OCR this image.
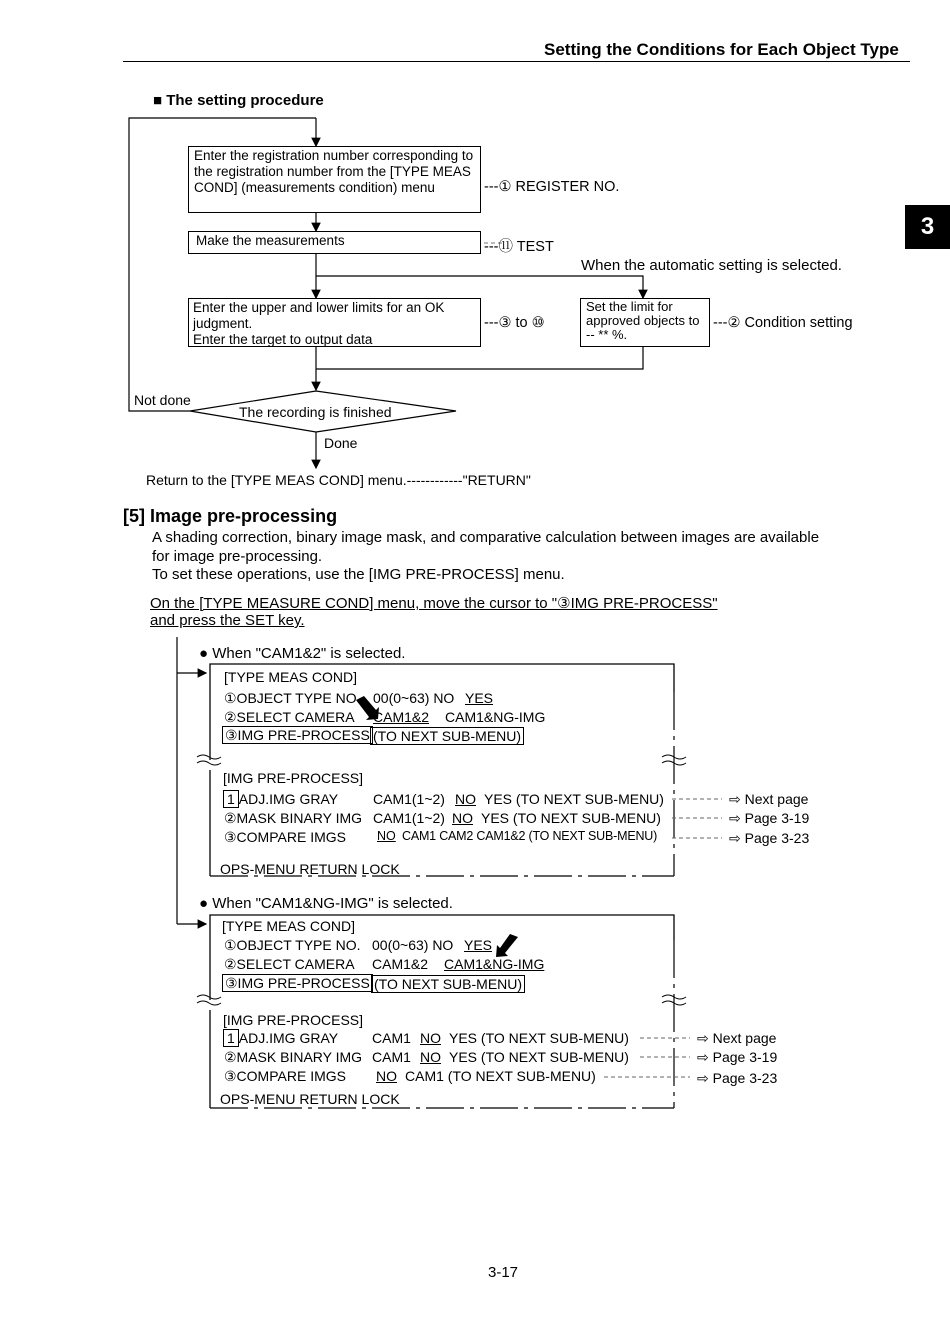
Setting the Conditions for Each Object Type
3
■ The setting procedure
Enter the registration number corresponding to the registration number from the [TYPE MEAS COND] (measurements condition) menu	---① REGISTER NO.
Make the measurements	---⑪ TEST
When the automatic setting is selected.
Enter the upper and lower limits for an OK judgment.
Enter the target to output data
---③ to ⑩
Set the limit for approved objects to -- ** %.
---② Condition setting
Not done
The recording is finished
Done
Return to the [TYPE MEAS COND] menu.------------"RETURN"
[5] Image pre-processing
A shading correction, binary image mask, and comparative calculation between images are available
for image pre-processing.
To set these operations, use the [IMG PRE-PROCESS] menu.
On the [TYPE MEASURE COND] menu, move the cursor to "③IMG PRE-PROCESS"
and press the SET key.
● When "CAM1&2" is selected.
[TYPE MEAS COND]
①OBJECT TYPE NO. 00(0~63) NO YES
②SELECT CAMERA CAM1&2 CAM1&NG-IMG
③IMG PRE-PROCESS (TO NEXT SUB-MENU)
[IMG PRE-PROCESS]
1 ADJ.IMG GRAY CAM1(1~2) NO YES (TO NEXT SUB-MENU)
②MASK BINARY IMG CAM1(1~2) NO YES (TO NEXT SUB-MENU)
③COMPARE IMGS NO CAM1 CAM2 CAM1&2 (TO NEXT SUB-MENU)
OPS-MENU RETURN LOCK
⇨ Next page
⇨ Page 3-19
⇨ Page 3-23
● When "CAM1&NG-IMG" is selected.
[TYPE MEAS COND]
①OBJECT TYPE NO. 00(0~63) NO YES
②SELECT CAMERA CAM1&2 CAM1&NG-IMG
③IMG PRE-PROCESS (TO NEXT SUB-MENU)
[IMG PRE-PROCESS]
1 ADJ.IMG GRAY CAM1 NO YES (TO NEXT SUB-MENU)
②MASK BINARY IMG CAM1 NO YES (TO NEXT SUB-MENU)
③COMPARE IMGS NO CAM1 (TO NEXT SUB-MENU)
OPS-MENU RETURN LOCK
⇨ Next page
⇨ Page 3-19
⇨ Page 3-23
3-17
